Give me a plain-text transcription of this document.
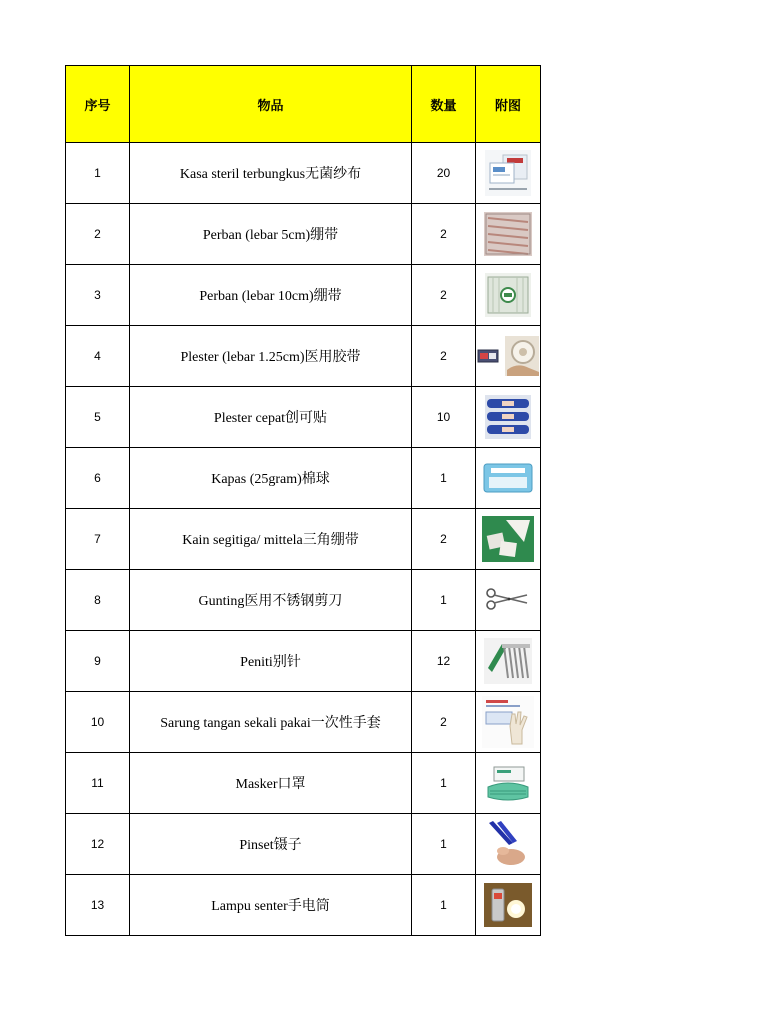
序号	物品	数量	附图
1	Kasa steril terbungkus无菌纱布	20	

2	Perban (lebar 5cm)绷带	2	

3	Perban (lebar 10cm)绷带	2	

4	Plester (lebar 1.25cm)医用胶带	2	

5	Plester cepat创可贴	10	

6	Kapas (25gram)棉球	1	

7	Kain segitiga/ mittela三角绷带	2	

8	Gunting医用不锈钢剪刀	1	

9	Peniti别针	12	

10	Sarung tangan sekali pakai一次性手套	2	

11	Masker口罩	1	

12	Pinset镊子	1	

13	Lampu senter手电筒	1	
